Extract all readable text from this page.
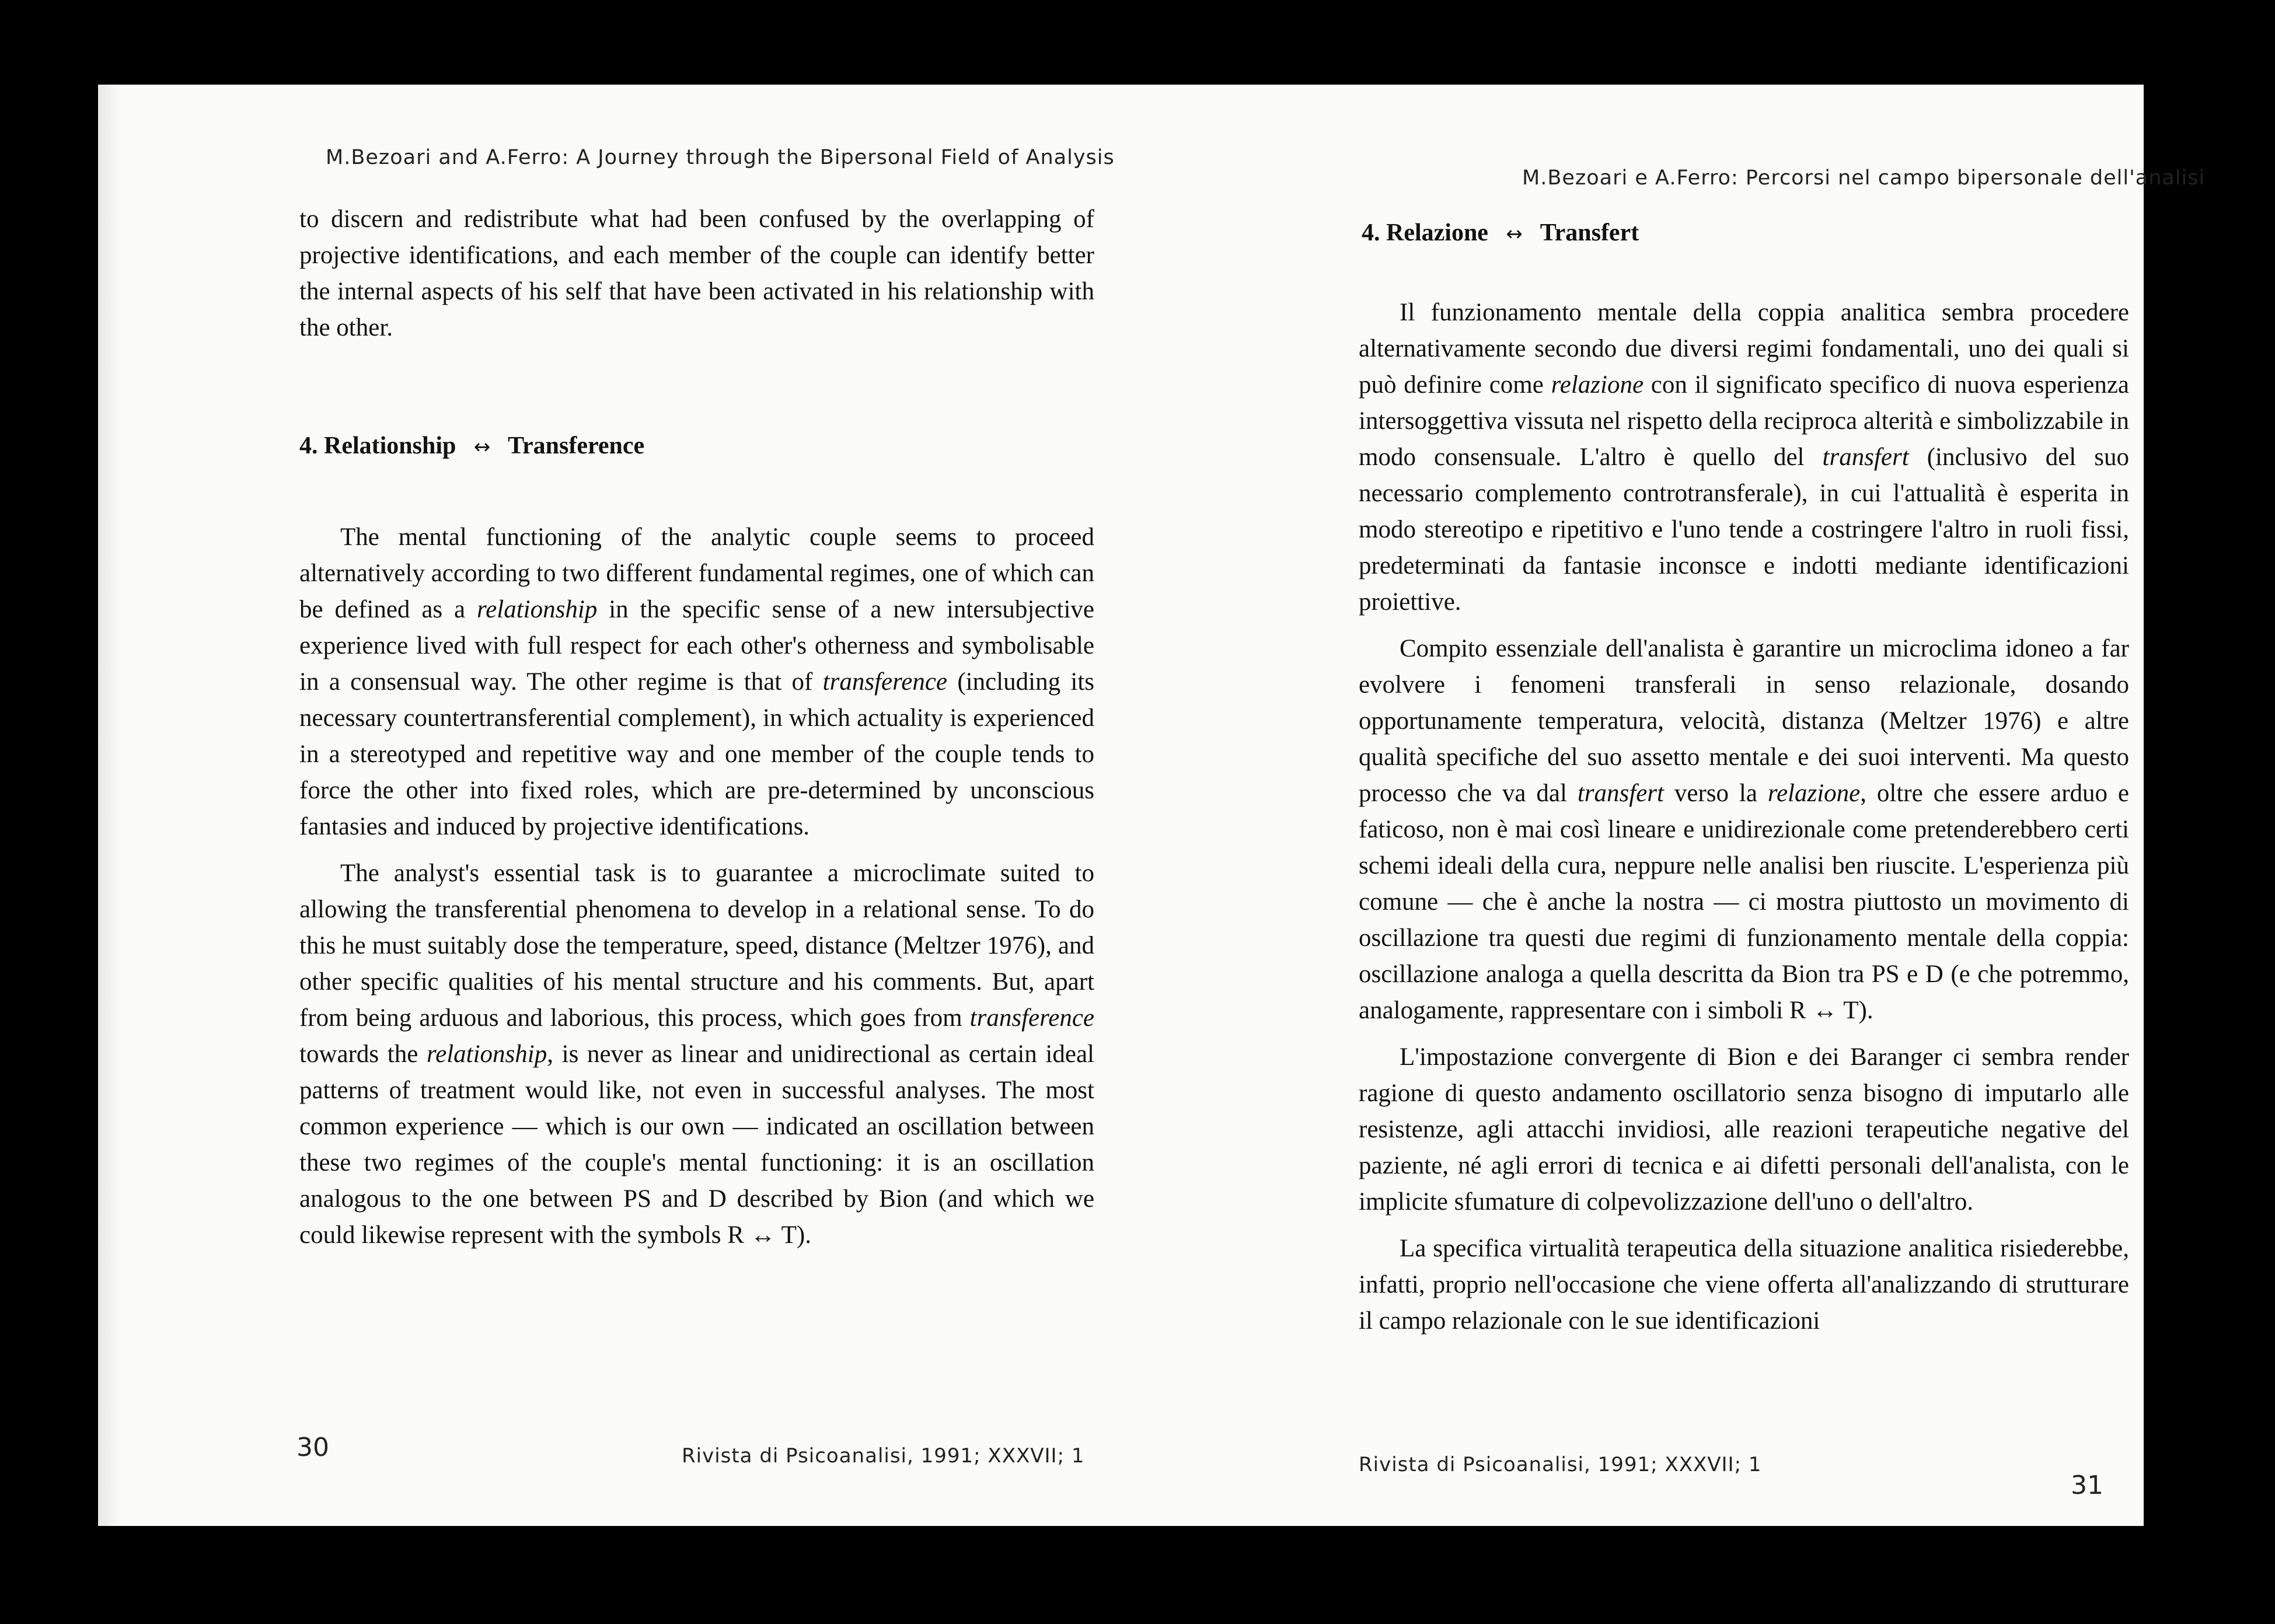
M.Bezoari and A.Ferro: A Journey through the Bipersonal Field of Analysis

to discern and redistribute what had been confused by the overlapping of projective identifications, and each member of the couple can identify better the internal aspects of his self that have been activated in his relationship with the other.

4. Relationship ↔ Transference

The mental functioning of the analytic couple seems to proceed alternatively according to two different fundamental regimes, one of which can be defined as a relationship in the specific sense of a new intersubjective experience lived with full respect for each other's otherness and symbolisable in a consensual way. The other regime is that of transference (including its necessary countertransferential complement), in which actuality is experienced in a stereotyped and repetitive way and one member of the couple tends to force the other into fixed roles, which are pre-determined by unconscious fantasies and induced by projective identifications.

The analyst's essential task is to guarantee a microclimate suited to allowing the transferential phenomena to develop in a relational sense. To do this he must suitably dose the temperature, speed, distance (Meltzer 1976), and other specific qualities of his mental structure and his comments. But, apart from being arduous and laborious, this process, which goes from transference towards the relationship, is never as linear and unidirectional as certain ideal patterns of treatment would like, not even in successful analyses. The most common experience — which is our own — indicated an oscillation between these two regimes of the couple's mental functioning: it is an oscillation analogous to the one between PS and D described by Bion (and which we could likewise represent with the symbols R ↔ T).

30	Rivista di Psicoanalisi, 1991; XXXVII; 1
M.Bezoari e A.Ferro: Percorsi nel campo bipersonale dell'analisi
4. Relazione ↔ Transfert

Il funzionamento mentale della coppia analitica sembra procedere alternativamente secondo due diversi regimi fondamentali, uno dei quali si può definire come relazione con il significato specifico di nuova esperienza intersoggettiva vissuta nel rispetto della reciproca alterità e simbolizzabile in modo consensuale. L'altro è quello del transfert (inclusivo del suo necessario complemento controtransferale), in cui l'attualità è esperita in modo stereotipo e ripetitivo e l'uno tende a costringere l'altro in ruoli fissi, predeterminati da fantasie inconsce e indotti mediante identificazioni proiettive.

Compito essenziale dell'analista è garantire un microclima idoneo a far evolvere i fenomeni transferali in senso relazionale, dosando opportunamente temperatura, velocità, distanza (Meltzer 1976) e altre qualità specifiche del suo assetto mentale e dei suoi interventi. Ma questo processo che va dal transfert verso la relazione, oltre che essere arduo e faticoso, non è mai così lineare e unidirezionale come pretenderebbero certi schemi ideali della cura, neppure nelle analisi ben riuscite. L'esperienza più comune — che è anche la nostra — ci mostra piuttosto un movimento di oscillazione tra questi due regimi di funzionamento mentale della coppia: oscillazione analoga a quella descritta da Bion tra PS e D (e che potremmo, analogamente, rappresentare con i simboli R ↔ T).

L'impostazione convergente di Bion e dei Baranger ci sembra render ragione di questo andamento oscillatorio senza bisogno di imputarlo alle resistenze, agli attacchi invidiosi, alle reazioni terapeutiche negative del paziente, né agli errori di tecnica e ai difetti personali dell'analista, con le implicite sfumature di colpevolizzazione dell'uno o dell'altro.

La specifica virtualità terapeutica della situazione analitica risiederebbe, infatti, proprio nell'occasione che viene offerta all'analizzando di strutturare il campo relazionale con le sue identificazioni

Rivista di Psicoanalisi, 1991; XXXVII; 1
31
